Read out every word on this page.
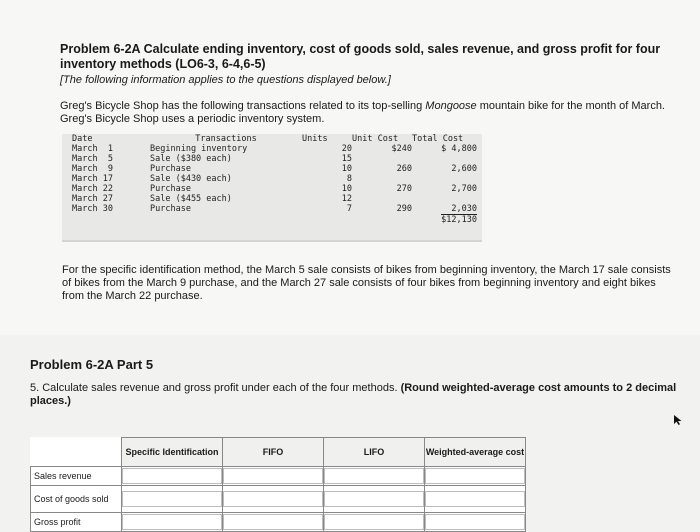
Problem 6-2A Calculate ending inventory, cost of goods sold, sales revenue, and gross profit for four inventory methods (LO6-3, 6-4,6-5)
[The following information applies to the questions displayed below.]
Greg's Bicycle Shop has the following transactions related to its top-selling Mongoose mountain bike for the month of March. Greg's Bicycle Shop uses a periodic inventory system.
Date	Transactions	Units	Unit Cost	Total Cost
March  1	Beginning inventory	20	$240	$ 4,800
March  5	Sale ($380 each)	15		
March  9	Purchase	10	260	2,600
March 17	Sale ($430 each)	8		
March 22	Purchase	10	270	2,700
March 27	Sale ($455 each)	12		
March 30	Purchase	7	290	2,030
				$12,130
For the specific identification method, the March 5 sale consists of bikes from beginning inventory, the March 17 sale consists of bikes from the March 9 purchase, and the March 27 sale consists of four bikes from beginning inventory and eight bikes from the March 22 purchase.
Problem 6-2A Part 5
5. Calculate sales revenue and gross profit under each of the four methods. (Round weighted-average cost amounts to 2 decimal places.)
	Specific Identification	FIFO	LIFO	Weighted-average cost
Sales revenue	

Cost of goods sold	

Gross profit	
